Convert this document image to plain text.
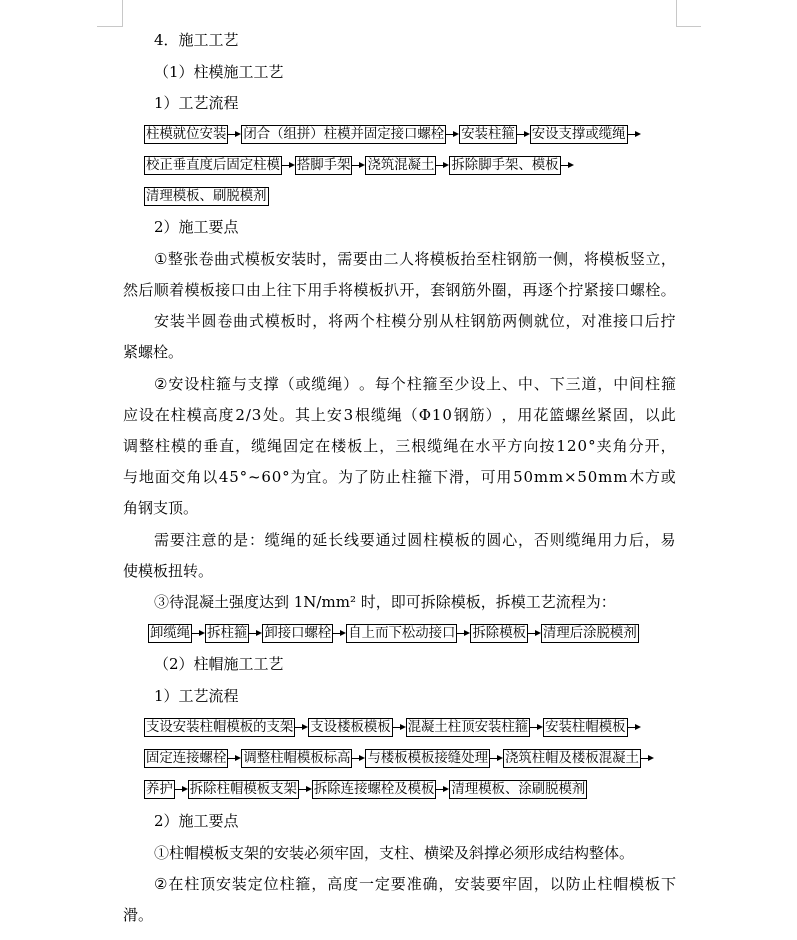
4．施工工艺
（1）柱模施工工艺
1）工艺流程
柱模就位安装 闭合（组拼）柱模并固定接口螺栓 安装柱箍 安设支撑或缆绳
校正垂直度后固定柱模 搭脚手架 浇筑混凝土 拆除脚手架、模板
清理模板、刷脱模剂
2）施工要点
① 整 张 卷 曲 式 模 板 安 装 时 ， 需 要 由 二 人 将 模 板 抬 至 柱 钢 筋 一 侧 ， 将 模 板 竖 立 ，
然 后 顺 着 模 板 接 口 由 上 往 下 用 手 将 模 板 扒 开 ， 套 钢 筋 外 圈 ， 再 逐 个 拧 紧 接 口 螺 栓 。
安 装 半 圆 卷 曲 式 模 板 时 ， 将 两 个 柱 模 分 别 从 柱 钢 筋 两 侧 就 位 ， 对 准 接 口 后 拧
紧螺栓。
② 安 设 柱 箍 与 支 撑 （ 或 缆 绳 ） 。 每 个 柱 箍 至 少 设 上 、 中 、 下 三 道 ， 中 间 柱 箍
应 设 在 柱 模 高 度 2 / 3 处 。 其 上 安 3 根 缆 绳 （ Φ 1 0 钢 筋 ） ， 用 花 篮 螺 丝 紧 固 ， 以 此
调 整 柱 模 的 垂 直 ， 缆 绳 固 定 在 楼 板 上 ， 三 根 缆 绳 在 水 平 方 向 按 1 2 0 ° 夹 角 分 开 ，
与 地 面 交 角 以 4 5 ° ~ 6 0 ° 为 宜 。 为 了 防 止 柱 箍 下 滑 ， 可 用 5 0 m m × 5 0 m m 木 方 或
角钢支顶。
需 要 注 意 的 是 ： 缆 绳 的 延 长 线 要 通 过 圆 柱 模 板 的 圆 心 ， 否 则 缆 绳 用 力 后 ， 易
使模板扭转。
③待混凝土强度达到 1N/mm² 时，即可拆除模板，拆模工艺流程为：
卸缆绳 拆柱箍 卸接口螺栓 自上而下松动接口 拆除模板 清理后涂脱模剂
（2）柱帽施工工艺
1）工艺流程
支设安装柱帽模板的支架 支设楼板模板 混凝土柱顶安装柱箍 安装柱帽模板
固定连接螺栓 调整柱帽模板标高 与楼板模板接缝处理 浇筑柱帽及楼板混凝土
养护 拆除柱帽模板支架 拆除连接螺栓及模板 清理模板、涂刷脱模剂
2）施工要点
①柱帽模板支架的安装必须牢固，支柱、横梁及斜撑必须形成结构整体。
② 在 柱 顶 安 装 定 位 柱 箍 ， 高 度 一 定 要 准 确 ， 安 装 要 牢 固 ， 以 防 止 柱 帽 模 板 下
滑。
